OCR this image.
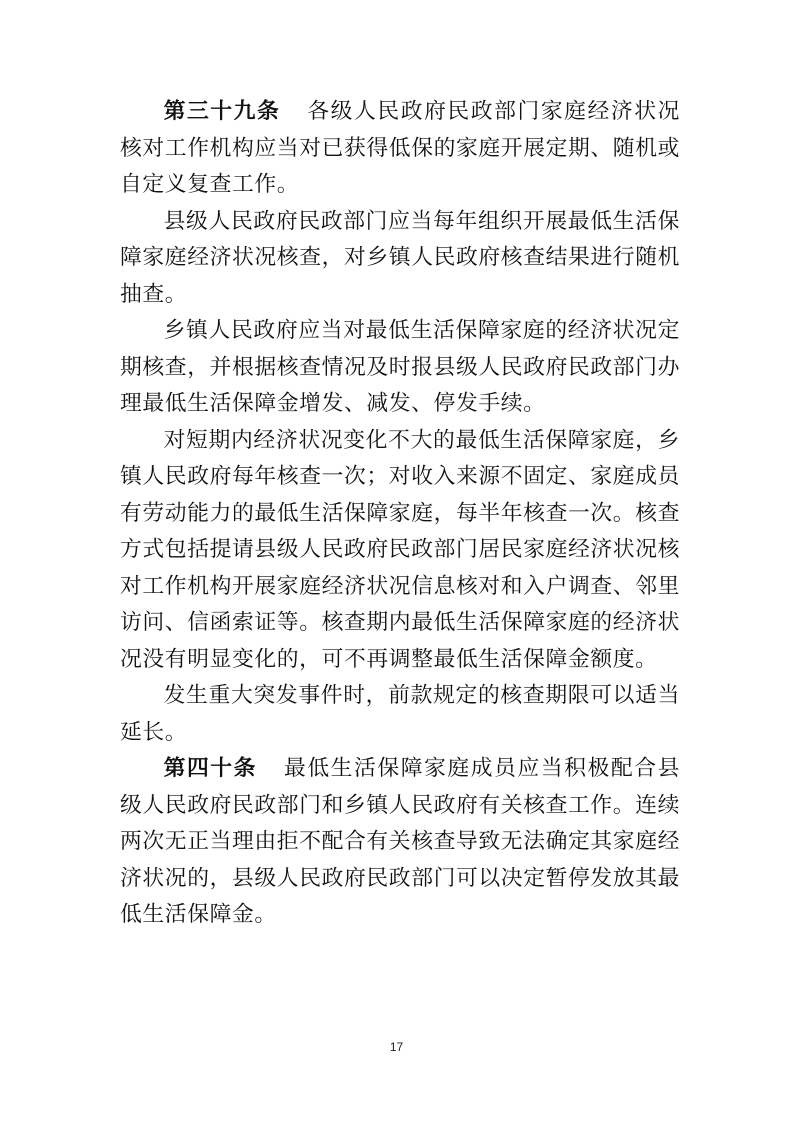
第三十九条 各级人民政府民政部门家庭经济状况核对工作机构应当对已获得低保的家庭开展定期、随机或自定义复查工作。

县级人民政府民政部门应当每年组织开展最低生活保障家庭经济状况核查，对乡镇人民政府核查结果进行随机抽查。

乡镇人民政府应当对最低生活保障家庭的经济状况定期核查，并根据核查情况及时报县级人民政府民政部门办理最低生活保障金增发、减发、停发手续。

对短期内经济状况变化不大的最低生活保障家庭，乡镇人民政府每年核查一次；对收入来源不固定、家庭成员有劳动能力的最低生活保障家庭，每半年核查一次。核查方式包括提请县级人民政府民政部门居民家庭经济状况核对工作机构开展家庭经济状况信息核对和入户调查、邻里访问、信函索证等。核查期内最低生活保障家庭的经济状况没有明显变化的，可不再调整最低生活保障金额度。

发生重大突发事件时，前款规定的核查期限可以适当延长。

第四十条 最低生活保障家庭成员应当积极配合县级人民政府民政部门和乡镇人民政府有关核查工作。连续两次无正当理由拒不配合有关核查导致无法确定其家庭经济状况的，县级人民政府民政部门可以决定暂停发放其最低生活保障金。

17
